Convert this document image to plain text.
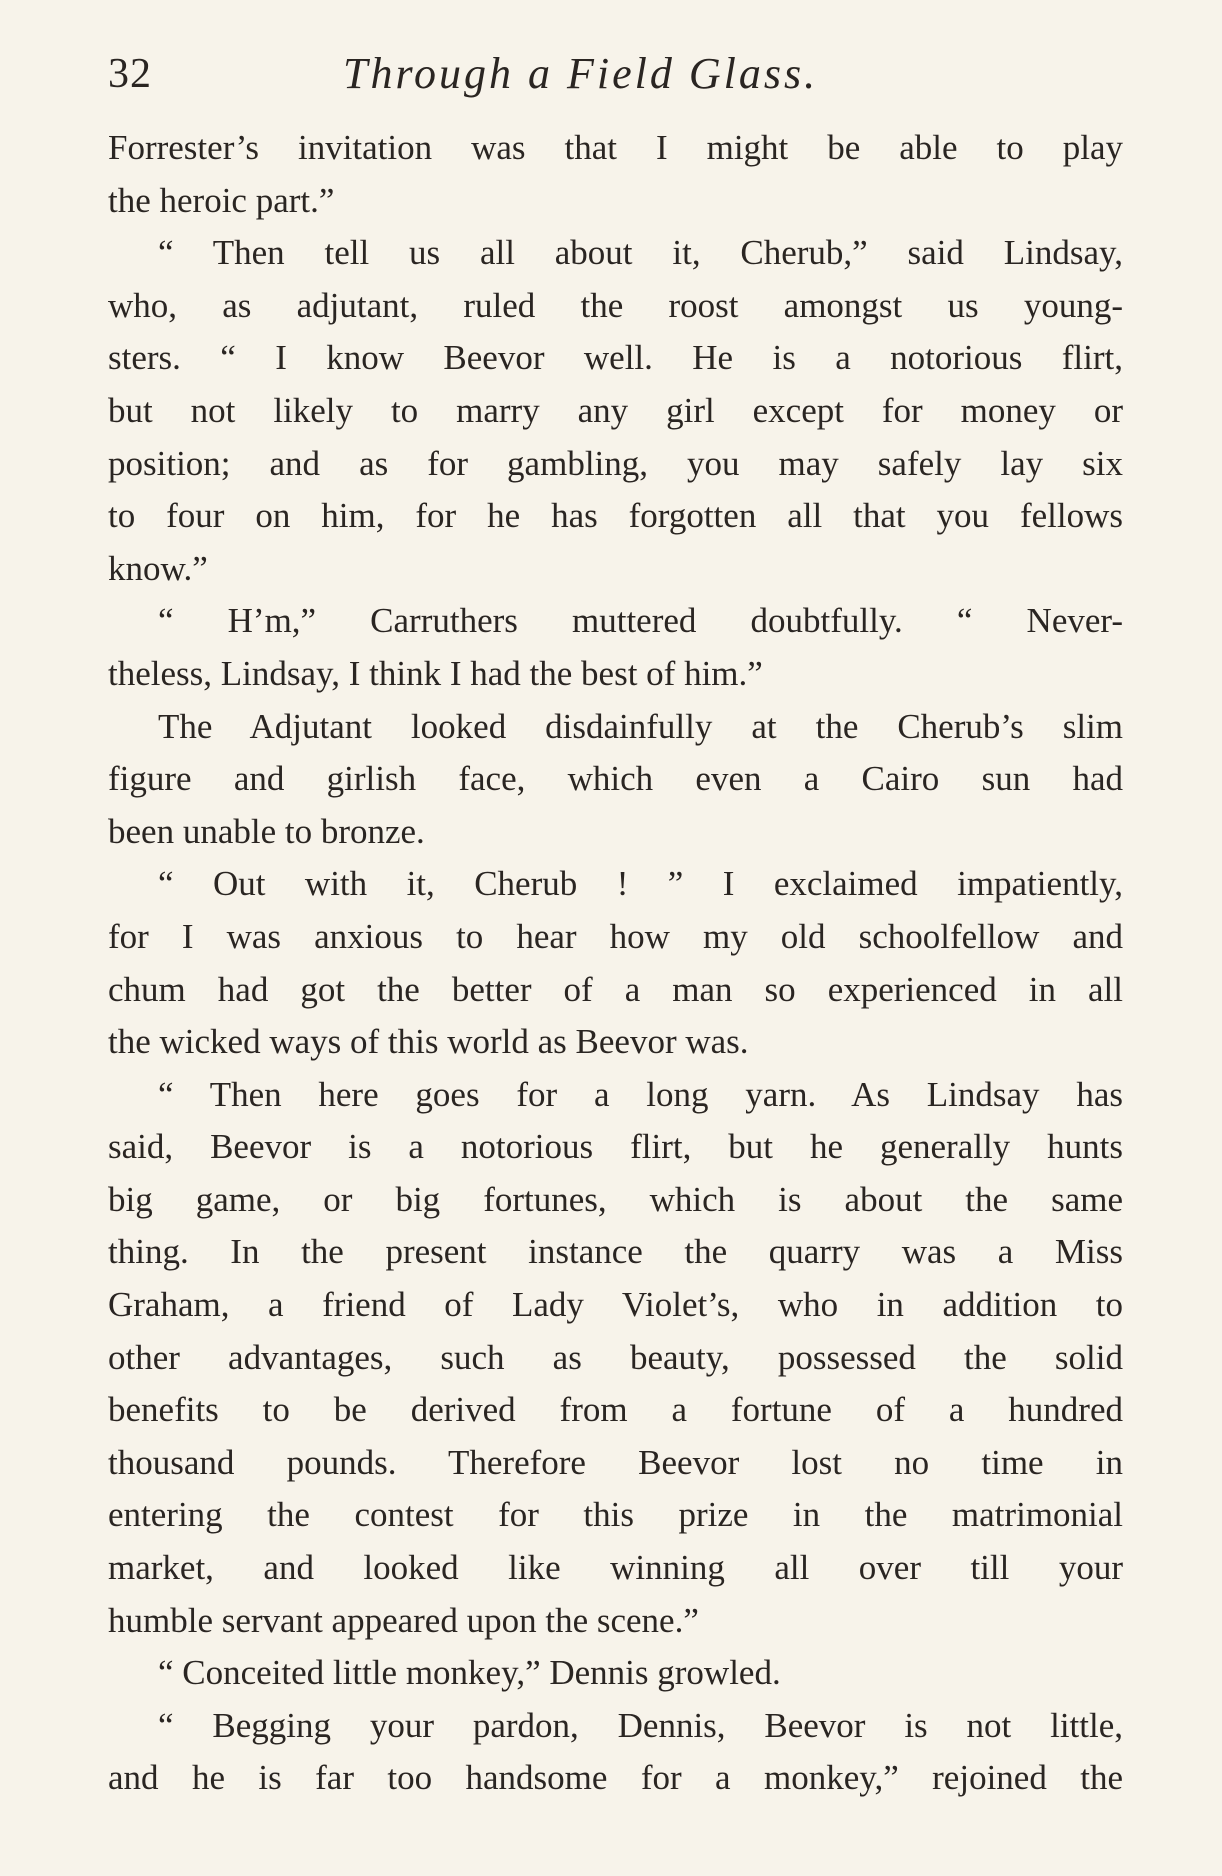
32	Through a Field Glass.
Forrester’s invitation was that I might be able to play
the heroic part.”
“ Then tell us all about it, Cherub,” said Lindsay,
who, as adjutant, ruled the roost amongst us young-
sters. “ I know Beevor well. He is a notorious flirt,
but not likely to marry any girl except for money or
position; and as for gambling, you may safely lay six
to four on him, for he has forgotten all that you fellows
know.”
“ H’m,” Carruthers muttered doubtfully. “ Never-
theless, Lindsay, I think I had the best of him.”
The Adjutant looked disdainfully at the Cherub’s slim
figure and girlish face, which even a Cairo sun had
been unable to bronze.
“ Out with it, Cherub ! ” I exclaimed impatiently,
for I was anxious to hear how my old schoolfellow and
chum had got the better of a man so experienced in all
the wicked ways of this world as Beevor was.
“ Then here goes for a long yarn. As Lindsay has
said, Beevor is a notorious flirt, but he generally hunts
big game, or big fortunes, which is about the same
thing. In the present instance the quarry was a Miss
Graham, a friend of Lady Violet’s, who in addition to
other advantages, such as beauty, possessed the solid
benefits to be derived from a fortune of a hundred
thousand pounds. Therefore Beevor lost no time in
entering the contest for this prize in the matrimonial
market, and looked like winning all over till your
humble servant appeared upon the scene.”
“ Conceited little monkey,” Dennis growled.
“ Begging your pardon, Dennis, Beevor is not little,
and he is far too handsome for a monkey,” rejoined the
